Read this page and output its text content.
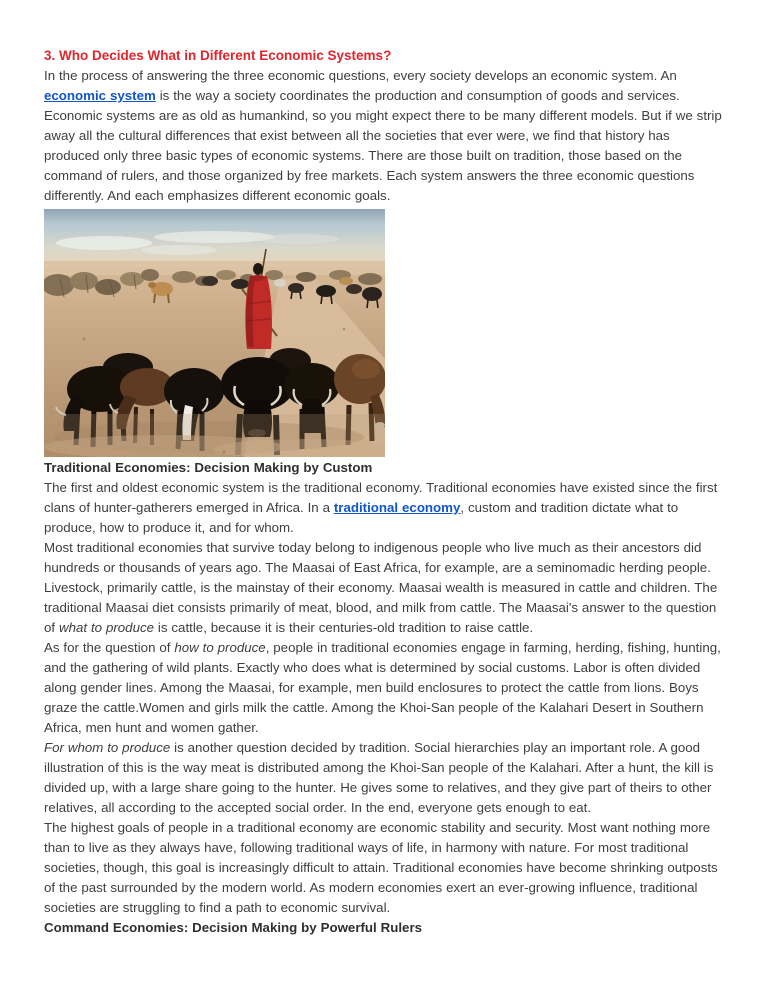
3. Who Decides What in Different Economic Systems?

In the process of answering the three economic questions, every society develops an economic system. An economic system is the way a society coordinates the production and consumption of goods and services. Economic systems are as old as humankind, so you might expect there to be many different models. But if we strip away all the cultural differences that exist between all the societies that ever were, we find that history has produced only three basic types of economic systems. There are those built on tradition, those based on the command of rulers, and those organized by free markets. Each system answers the three economic questions differently. And each emphasizes different economic goals.

Traditional Economies: Decision Making by Custom

The first and oldest economic system is the traditional economy. Traditional economies have existed since the first clans of hunter-gatherers emerged in Africa. In a traditional economy, custom and tradition dictate what to produce, how to produce it, and for whom.

Most traditional economies that survive today belong to indigenous people who live much as their ancestors did hundreds or thousands of years ago. The Maasai of East Africa, for example, are a seminomadic herding people. Livestock, primarily cattle, is the mainstay of their economy. Maasai wealth is measured in cattle and children. The traditional Maasai diet consists primarily of meat, blood, and milk from cattle. The Maasai's answer to the question of what to produce is cattle, because it is their centuries-old tradition to raise cattle.

As for the question of how to produce, people in traditional economies engage in farming, herding, fishing, hunting, and the gathering of wild plants. Exactly who does what is determined by social customs. Labor is often divided along gender lines. Among the Maasai, for example, men build enclosures to protect the cattle from lions. Boys graze the cattle.Women and girls milk the cattle. Among the Khoi-San people of the Kalahari Desert in Southern Africa, men hunt and women gather.

For whom to produce is another question decided by tradition. Social hierarchies play an important role. A good illustration of this is the way meat is distributed among the Khoi-San people of the Kalahari. After a hunt, the kill is divided up, with a large share going to the hunter. He gives some to relatives, and they give part of theirs to other relatives, all according to the accepted social order. In the end, everyone gets enough to eat.

The highest goals of people in a traditional economy are economic stability and security. Most want nothing more than to live as they always have, following traditional ways of life, in harmony with nature. For most traditional societies, though, this goal is increasingly difficult to attain. Traditional economies have become shrinking outposts of the past surrounded by the modern world. As modern economies exert an ever-growing influence, traditional societies are struggling to find a path to economic survival.

Command Economies: Decision Making by Powerful Rulers
